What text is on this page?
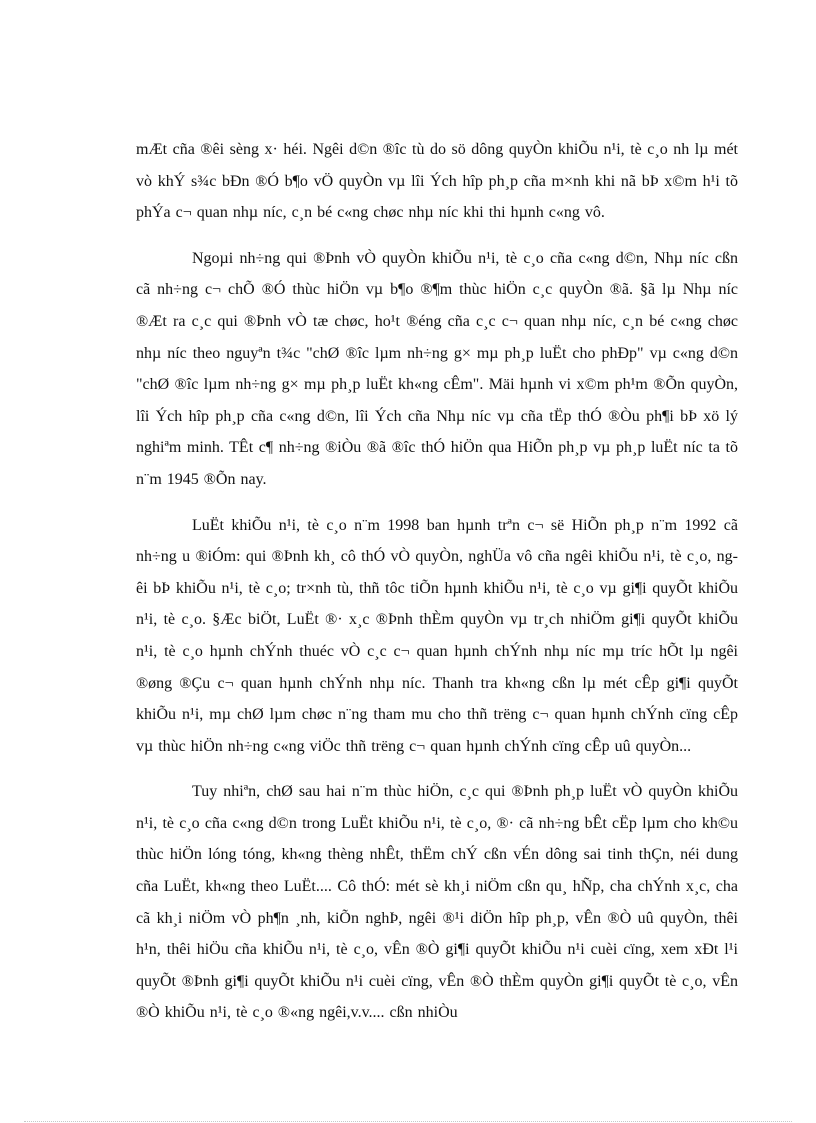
mÆt cña ®êi sèng x· héi. Ngêi d©n ®îc tù do sö dông quyÒn khiÕu n¹i, tè c¸o nh lµ mét vò khÝ s¾c bÐn ®Ó b¶o vÖ quyÒn vµ lîi Ých hîp ph¸p cña m×nh khi nã bÞ x©m h¹i tõ phÝa c¬ quan nhµ níc, c¸n bé c«ng chøc nhµ níc khi thi hµnh c«ng vô.

Ngoµi nh÷ng qui ®Þnh vÒ quyÒn khiÕu n¹i, tè c¸o cña c«ng d©n, Nhµ níc cßn cã nh÷ng c¬ chÕ ®Ó thùc hiÖn vµ b¶o ®¶m thùc hiÖn c¸c quyÒn ®ã. §ã lµ Nhµ níc ®Æt ra c¸c qui ®Þnh vÒ tæ chøc, ho¹t ®éng cña c¸c c¬ quan nhµ níc, c¸n bé c«ng chøc nhµ níc theo nguyªn t¾c "chØ ®îc lµm nh÷ng g× mµ ph¸p luËt cho phÐp" vµ c«ng d©n "chØ ®îc lµm nh÷ng g× mµ ph¸p luËt kh«ng cÊm". Mäi hµnh vi x©m ph¹m ®Õn quyÒn, lîi Ých hîp ph¸p cña c«ng d©n, lîi Ých cña Nhµ níc vµ cña tËp thÓ ®Òu ph¶i bÞ xö lý nghiªm minh. TÊt c¶ nh÷ng ®iÒu ®ã ®îc thÓ hiÖn qua HiÕn ph¸p vµ ph¸p luËt níc ta tõ n¨m 1945 ®Õn nay.

LuËt khiÕu n¹i, tè c¸o n¨m 1998 ban hµnh trªn c¬ së HiÕn ph¸p n¨m 1992 cã nh÷ng u ®iÓm: qui ®Þnh kh¸ cô thÓ vÒ quyÒn, nghÜa vô cña ngêi khiÕu n¹i, tè c¸o, ngêi bÞ khiÕu n¹i, tè c¸o; tr×nh tù, thñ tôc tiÕn hµnh khiÕu n¹i, tè c¸o vµ gi¶i quyÕt khiÕu n¹i, tè c¸o. §Æc biÖt, LuËt ®· x¸c ®Þnh thÈm quyÒn vµ tr¸ch nhiÖm gi¶i quyÕt khiÕu n¹i, tè c¸o hµnh chÝnh thuéc vÒ c¸c c¬ quan hµnh chÝnh nhµ níc mµ tríc hÕt lµ ngêi ®øng ®Çu c¬ quan hµnh chÝnh nhµ níc. Thanh tra kh«ng cßn lµ mét cÊp gi¶i quyÕt khiÕu n¹i, mµ chØ lµm chøc n¨ng tham mu cho thñ trëng c¬ quan hµnh chÝnh cïng cÊp vµ thùc hiÖn nh÷ng c«ng viÖc thñ trëng c¬ quan hµnh chÝnh cïng cÊp uû quyÒn...

Tuy nhiªn, chØ sau hai n¨m thùc hiÖn, c¸c qui ®Þnh ph¸p luËt vÒ quyÒn khiÕu n¹i, tè c¸o cña c«ng d©n trong LuËt khiÕu n¹i, tè c¸o, ®· cã nh÷ng bÊt cËp lµm cho kh©u thùc hiÖn lóng tóng, kh«ng thèng nhÊt, thËm chÝ cßn vÉn dông sai tinh thÇn, néi dung cña LuËt, kh«ng theo LuËt.... Cô thÓ: mét sè kh¸i niÖm cßn qu¸ hÑp, cha chÝnh x¸c, cha cã kh¸i niÖm vÒ ph¶n ¸nh, kiÕn nghÞ, ngêi ®¹i diÖn hîp ph¸p, vÊn ®Ò uû quyÒn, thêi h¹n, thêi hiÖu cña khiÕu n¹i, tè c¸o, vÊn ®Ò gi¶i quyÕt khiÕu n¹i cuèi cïng, xem xÐt l¹i quyÕt ®Þnh gi¶i quyÕt khiÕu n¹i cuèi cïng, vÊn ®Ò thÈm quyÒn gi¶i quyÕt tè c¸o, vÊn ®Ò khiÕu n¹i, tè c¸o ®«ng ngêi,v.v.... cßn nhiÒu
